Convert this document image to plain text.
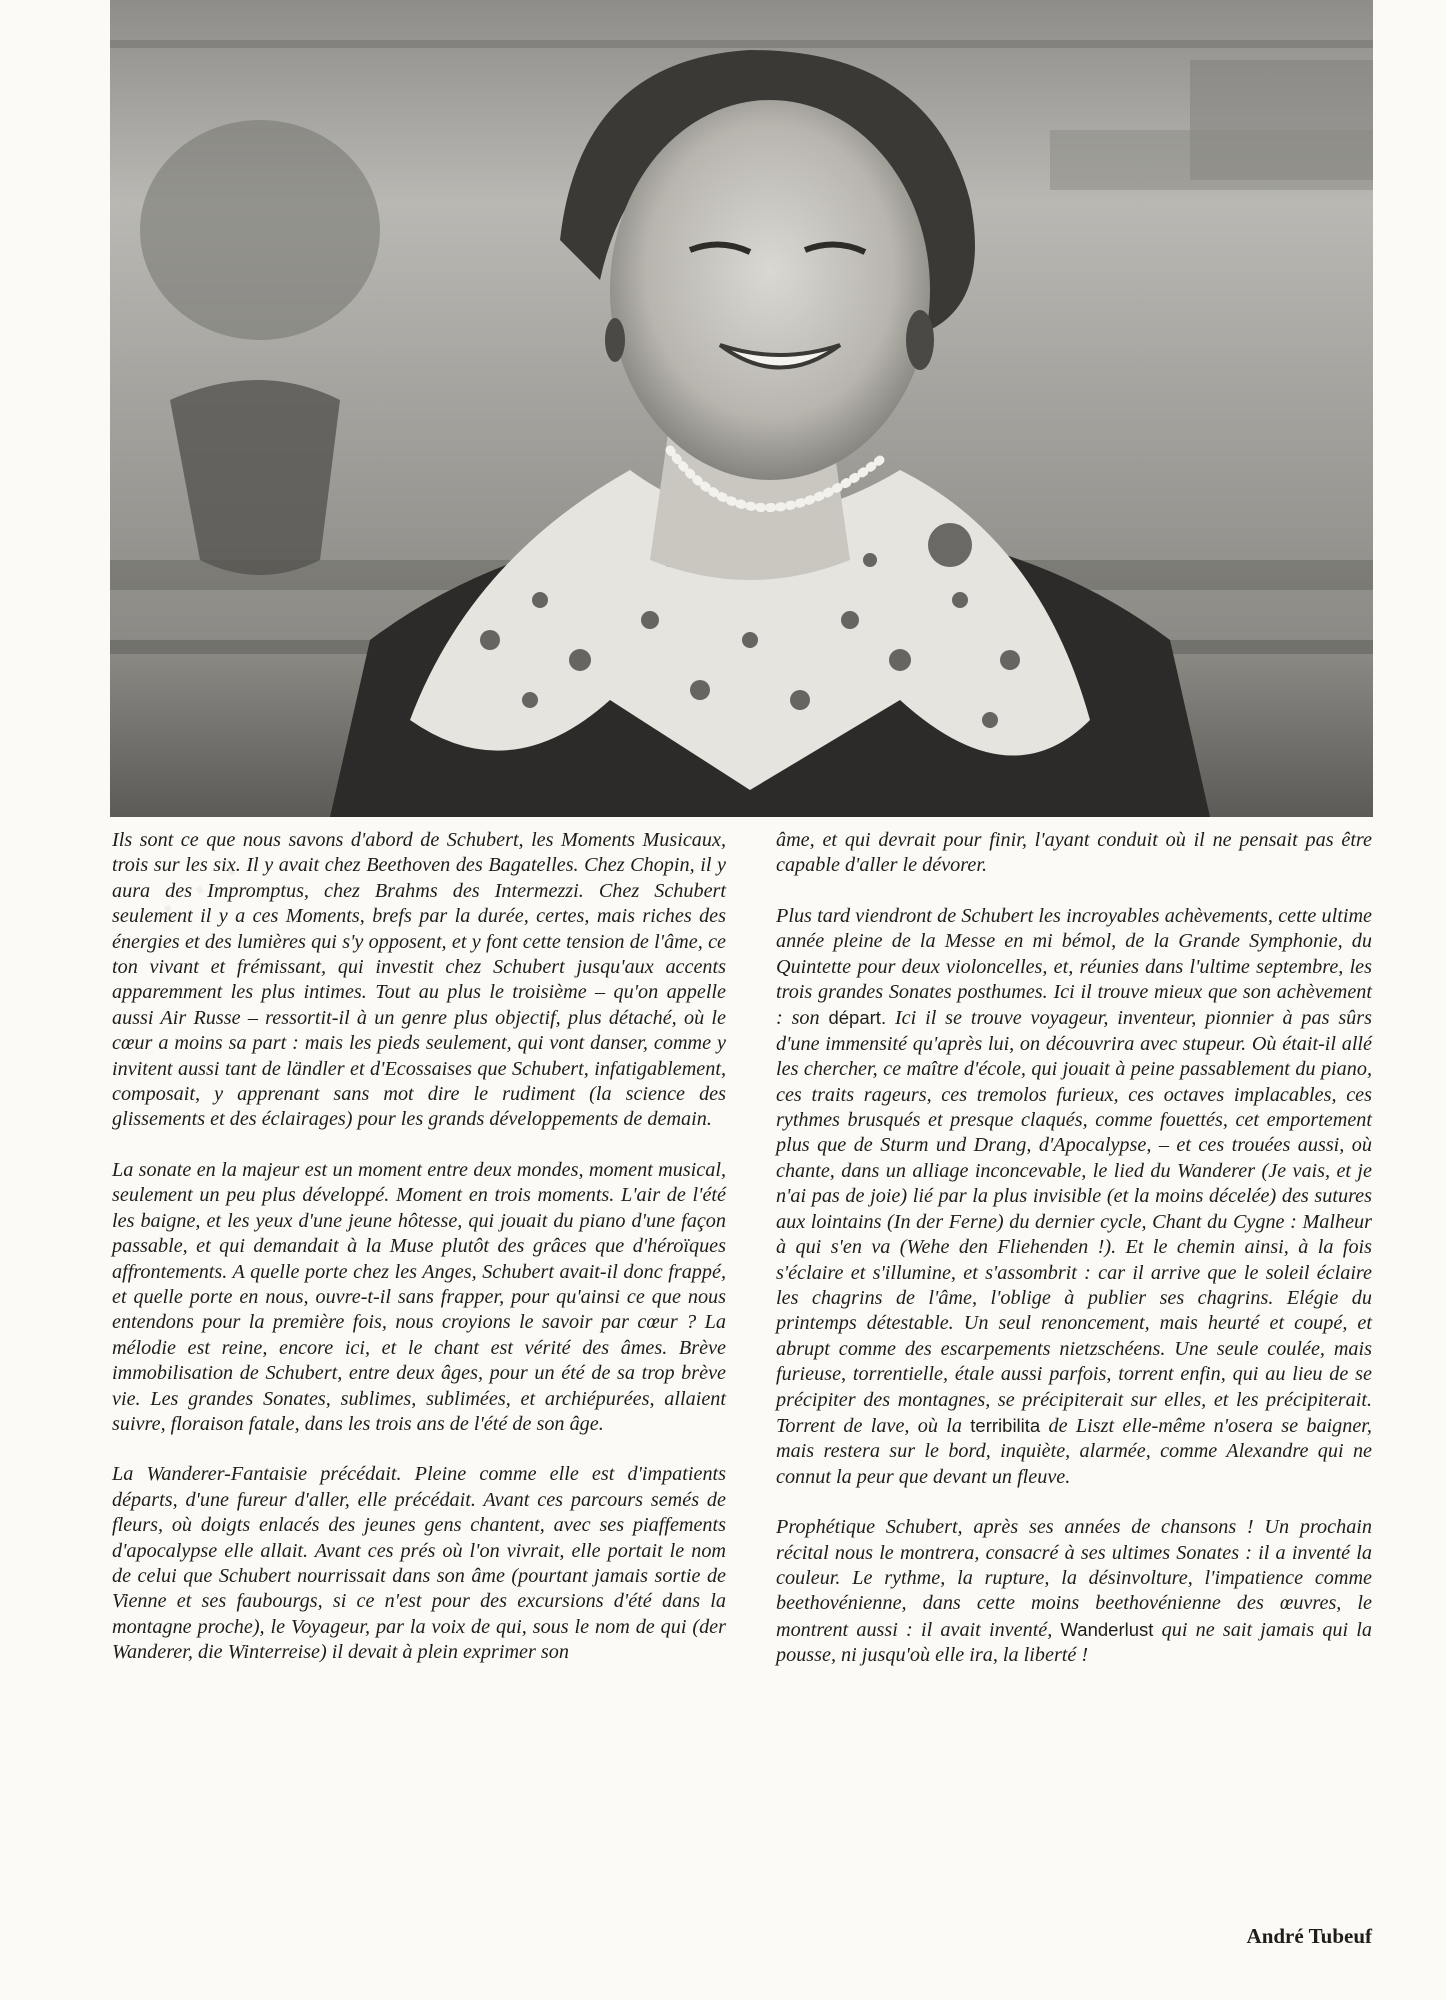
· · ·

Ils sont ce que nous savons d'abord de Schubert, les Moments Musicaux, trois sur les six. Il y avait chez Beethoven des Bagatelles. Chez Chopin, il y aura des Impromptus, chez Brahms des Intermezzi. Chez Schubert seulement il y a ces Moments, brefs par la durée, certes, mais riches des énergies et des lumières qui s'y opposent, et y font cette tension de l'âme, ce ton vivant et frémissant, qui investit chez Schubert jusqu'aux accents apparemment les plus intimes. Tout au plus le troisième – qu'on appelle aussi Air Russe – ressortit-il à un genre plus objectif, plus détaché, où le cœur a moins sa part : mais les pieds seulement, qui vont danser, comme y invitent aussi tant de ländler et d'Ecossaises que Schubert, infatigablement, composait, y apprenant sans mot dire le rudiment (la science des glissements et des éclairages) pour les grands développements de demain.

La sonate en la majeur est un moment entre deux mondes, moment musical, seulement un peu plus développé. Moment en trois moments. L'air de l'été les baigne, et les yeux d'une jeune hôtesse, qui jouait du piano d'une façon passable, et qui demandait à la Muse plutôt des grâces que d'héroïques affrontements. A quelle porte chez les Anges, Schubert avait-il donc frappé, et quelle porte en nous, ouvre-t-il sans frapper, pour qu'ainsi ce que nous entendons pour la première fois, nous croyions le savoir par cœur ? La mélodie est reine, encore ici, et le chant est vérité des âmes. Brève immobilisation de Schubert, entre deux âges, pour un été de sa trop brève vie. Les grandes Sonates, sublimes, sublimées, et archiépurées, allaient suivre, floraison fatale, dans les trois ans de l'été de son âge.

La Wanderer-Fantaisie précédait. Pleine comme elle est d'impatients départs, d'une fureur d'aller, elle précédait. Avant ces parcours semés de fleurs, où doigts enlacés des jeunes gens chantent, avec ses piaffements d'apocalypse elle allait. Avant ces prés où l'on vivrait, elle portait le nom de celui que Schubert nourrissait dans son âme (pourtant jamais sortie de Vienne et ses faubourgs, si ce n'est pour des excursions d'été dans la montagne proche), le Voyageur, par la voix de qui, sous le nom de qui (der Wanderer, die Winterreise) il devait à plein exprimer son

âme, et qui devrait pour finir, l'ayant conduit où il ne pensait pas être capable d'aller le dévorer.

Plus tard viendront de Schubert les incroyables achèvements, cette ultime année pleine de la Messe en mi bémol, de la Grande Symphonie, du Quintette pour deux violoncelles, et, réunies dans l'ultime septembre, les trois grandes Sonates posthumes. Ici il trouve mieux que son achèvement : son départ. Ici il se trouve voyageur, inventeur, pionnier à pas sûrs d'une immensité qu'après lui, on découvrira avec stupeur. Où était-il allé les chercher, ce maître d'école, qui jouait à peine passablement du piano, ces traits rageurs, ces tremolos furieux, ces octaves implacables, ces rythmes brusqués et presque claqués, comme fouettés, cet emportement plus que de Sturm und Drang, d'Apocalypse, – et ces trouées aussi, où chante, dans un alliage inconcevable, le lied du Wanderer (Je vais, et je n'ai pas de joie) lié par la plus invisible (et la moins décelée) des sutures aux lointains (In der Ferne) du dernier cycle, Chant du Cygne : Malheur à qui s'en va (Wehe den Fliehenden !). Et le chemin ainsi, à la fois s'éclaire et s'illumine, et s'assombrit : car il arrive que le soleil éclaire les chagrins de l'âme, l'oblige à publier ses chagrins. Elégie du printemps détestable. Un seul renoncement, mais heurté et coupé, et abrupt comme des escarpements nietzschéens. Une seule coulée, mais furieuse, torrentielle, étale aussi parfois, torrent enfin, qui au lieu de se précipiter des montagnes, se précipiterait sur elles, et les précipiterait. Torrent de lave, où la terribilita de Liszt elle-même n'osera se baigner, mais restera sur le bord, inquiète, alarmée, comme Alexandre qui ne connut la peur que devant un fleuve.

Prophétique Schubert, après ses années de chansons ! Un prochain récital nous le montrera, consacré à ses ultimes Sonates : il a inventé la couleur. Le rythme, la rupture, la désinvolture, l'impatience comme beethovénienne, dans cette moins beethovénienne des œuvres, le montrent aussi : il avait inventé, Wanderlust qui ne sait jamais qui la pousse, ni jusqu'où elle ira, la liberté !

André Tubeuf
